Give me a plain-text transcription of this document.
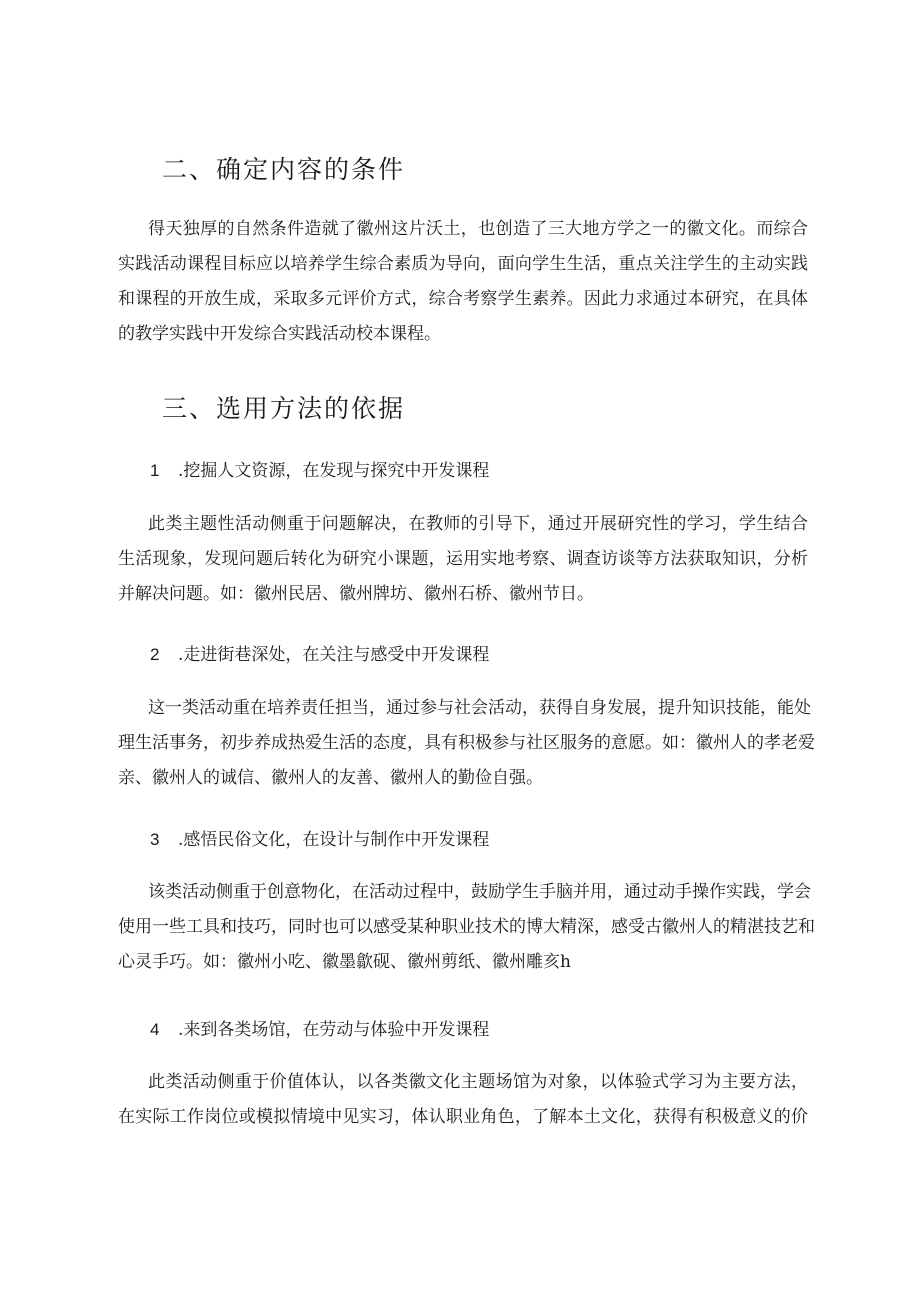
二、确定内容的条件
得天独厚的自然条件造就了徽州这片沃土，也创造了三大地方学之一的徽文化。而综合
实践活动课程目标应以培养学生综合素质为导向，面向学生生活，重点关注学生的主动实践
和课程的开放生成，采取多元评价方式，综合考察学生素养。因此力求通过本研究，在具体
的教学实践中开发综合实践活动校本课程。
三、选用方法的依据

1 .挖掘人文资源，在发现与探究中开发课程

此类主题性活动侧重于问题解决，在教师的引导下，通过开展研究性的学习，学生结合
生活现象，发现问题后转化为研究小课题，运用实地考察、调查访谈等方法获取知识，分析
并解决问题。如：徽州民居、徽州牌坊、徽州石桥、徽州节日。

2 .走进街巷深处，在关注与感受中开发课程

这一类活动重在培养责任担当，通过参与社会活动，获得自身发展，提升知识技能，能处
理生活事务，初步养成热爱生活的态度，具有积极参与社区服务的意愿。如：徽州人的孝老爱
亲、徽州人的诚信、徽州人的友善、徽州人的勤俭自强。

3 .感悟民俗文化，在设计与制作中开发课程

该类活动侧重于创意物化，在活动过程中，鼓励学生手脑并用，通过动手操作实践，学会
使用一些工具和技巧，同时也可以感受某种职业技术的博大精深，感受古徽州人的精湛技艺和
心灵手巧。如：徽州小吃、徽墨歙砚、徽州剪纸、徽州雕亥h

4 .来到各类场馆，在劳动与体验中开发课程

此类活动侧重于价值体认，以各类徽文化主题场馆为对象，以体验式学习为主要方法，
在实际工作岗位或模拟情境中见实习，体认职业角色，了解本土文化，获得有积极意义的价
